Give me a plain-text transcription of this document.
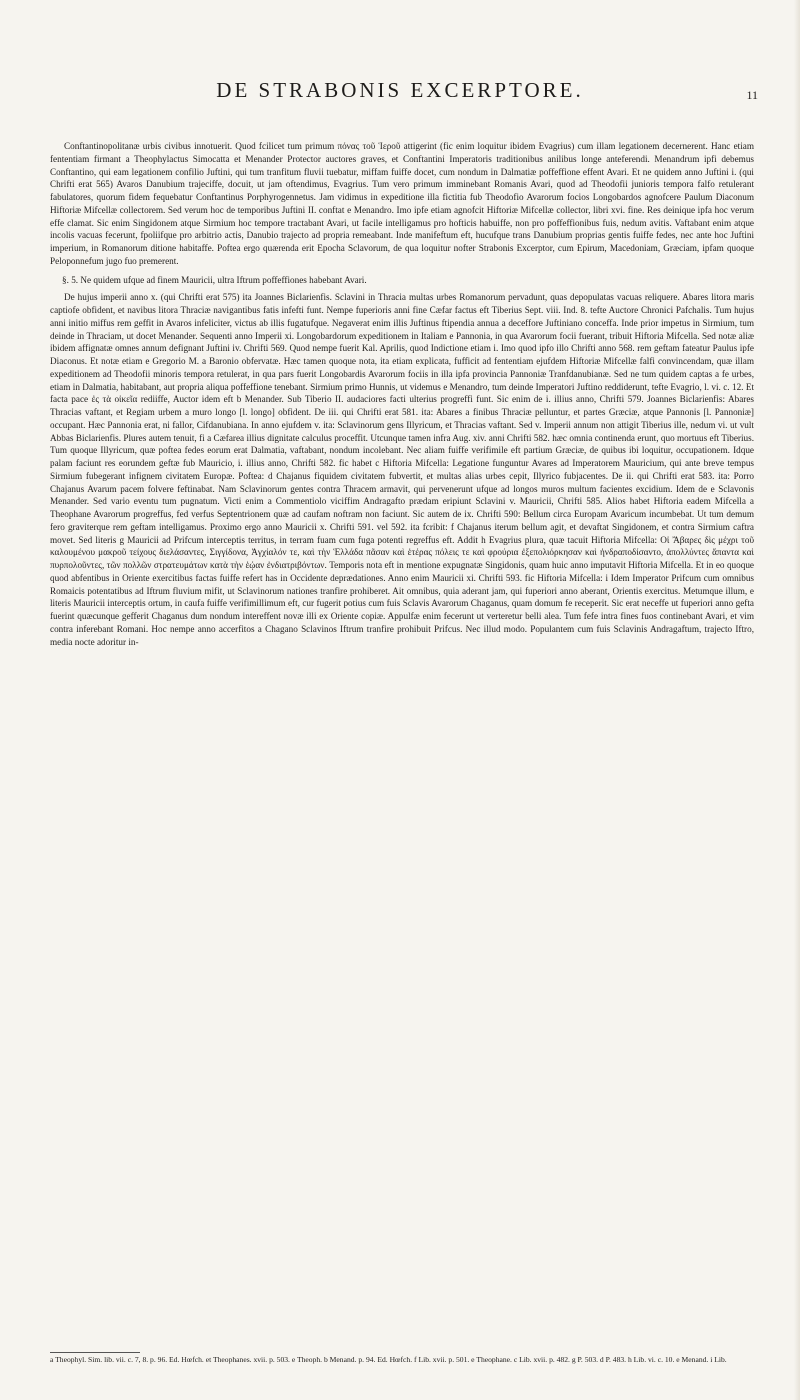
DE STRABONIS EXCERPTORE.	11

Conftantinopolitanæ urbis civibus innotuerit. Quod fcilicet tum primum πόνας τοῦ Ἱεροῦ attigerint (fic enim loquitur ibidem Evagrius) cum illam legationem decernerent. Hanc etiam fententiam firmant a Theophylactus Simocatta et Menander Protector auctores graves, et Conftantini Imperatoris traditionibus anilibus longe anteferendi. Menandrum ipfi debemus Conftantino, qui eam legationem confilio Juftini, qui tum tranfitum fluvii tuebatur, miffam fuiffe docet, cum nondum in Dalmatiæ poffeffione effent Avari. Et ne quidem anno Juftini i. (qui Chrifti erat 565) Avaros Danubium trajeciffe, docuit, ut jam oftendimus, Evagrius. Tum vero primum imminebant Romanis Avari, quod ad Theodofii junioris tempora falfo retulerant fabulatores, quorum fidem fequebatur Conftantinus Porphyrogennetus. Jam vidimus in expeditione illa fictitia fub Theodofio Avarorum focios Longobardos agnofcere Paulum Diaconum Hiftoriæ Mifcellæ collectorem. Sed verum hoc de temporibus Juftini II. conftat e Menandro. Imo ipfe etiam agnofcit Hiftoriæ Mifcellæ collector, libri xvi. fine. Res deinique ipfa hoc verum effe clamat. Sic enim Singidonem atque Sirmium hoc tempore tractabant Avari, ut facile intelligamus pro hofticis habuiffe, non pro poffeffionibus fuis, nedum avitis. Vaftabant enim atque incolis vacuas fecerunt, fpoliifque pro arbitrio actis, Danubio trajecto ad propria remeabant. Inde manifeftum eft, hucufque trans Danubium proprias gentis fuiffe fedes, nec ante hoc Juftini imperium, in Romanorum ditione habitaffe. Poftea ergo quærenda erit Epocha Sclavorum, de qua loquitur nofter Strabonis Excerptor, cum Epirum, Macedoniam, Græciam, ipfam quoque Peloponnefum jugo fuo premerent.

§. 5. Ne quidem ufque ad finem Mauricii, ultra Iftrum poffeffiones habebant Avari.

De hujus imperii anno x. (qui Chrifti erat 575) ita Joannes Biclarienfis. Sclavini in Thracia multas urbes Romanorum pervadunt, quas depopulatas vacuas reliquere. Abares litora maris captiofe obfident, et navibus litora Thraciæ navigantibus fatis infefti funt. Nempe fuperioris anni fine Cæfar factus eft Tiberius Sept. viii. Ind. 8. tefte Auctore Chronici Pafchalis. Tum hujus anni initio miffus rem geffit in Avaros infeliciter, victus ab illis fugatufque. Negaverat enim illis Juftinus ftipendia annua a deceffore Juftiniano conceffa. Inde prior impetus in Sirmium, tum deinde in Thraciam, ut docet Menander. Sequenti anno Imperii xi. Longobardorum expeditionem in Italiam e Pannonia, in qua Avarorum focii fuerant, tribuit Hiftoria Mifcella. Sed notæ aliæ ibidem affignatæ omnes annum defignant Juftini iv. Chrifti 569. Quod nempe fuerit Kal. Aprilis, quod Indictione etiam i. Imo quod ipfo illo Chrifti anno 568. rem geftam fateatur Paulus ipfe Diaconus. Et notæ etiam e Gregorio M. a Baronio obfervatæ. Hæc tamen quoque nota, ita etiam explicata, fufficit ad fententiam ejufdem Hiftoriæ Mifcellæ falfi convincendam, quæ illam expeditionem ad Theodofii minoris tempora retulerat, in qua pars fuerit Longobardis Avarorum fociis in illa ipfa provincia Pannoniæ Tranfdanubianæ. Sed ne tum quidem captas a fe urbes, etiam in Dalmatia, habitabant, aut propria aliqua poffeffione tenebant. Sirmium primo Hunnis, ut videmus e Menandro, tum deinde Imperatori Juftino reddiderunt, tefte Evagrio, l. vi. c. 12. Et facta pace ἐς τὰ οἰκεῖα rediiffe, Auctor idem eft b Menander. Sub Tiberio II. audaciores facti ulterius progreffi funt. Sic enim de i. illius anno, Chrifti 579. Joannes Biclarienfis: Abares Thracias vaftant, et Regiam urbem a muro longo [l. longo] obfident. De iii. qui Chrifti erat 581. ita: Abares a finibus Thraciæ pelluntur, et partes Græciæ, atque Pannonis [l. Pannoniæ] occupant. Hæc Pannonia erat, ni fallor, Cifdanubiana. In anno ejufdem v. ita: Sclavinorum gens Illyricum, et Thracias vaftant. Sed v. Imperii annum non attigit Tiberius ille, nedum vi. ut vult Abbas Biclarienfis. Plures autem tenuit, fi a Cæfarea illius dignitate calculus proceffit. Utcunque tamen infra Aug. xiv. anni Chrifti 582. hæc omnia continenda erunt, quo mortuus eft Tiberius. Tum quoque Illyricum, quæ poftea fedes eorum erat Dalmatia, vaftabant, nondum incolebant. Nec aliam fuiffe verifimile eft partium Græciæ, de quibus ibi loquitur, occupationem. Idque palam faciunt res eorundem geftæ fub Mauricio, i. illius anno, Chrifti 582. fic habet c Hiftoria Mifcella: Legatione funguntur Avares ad Imperatorem Mauricium, qui ante breve tempus Sirmium fubegerant infignem civitatem Europæ. Poftea: d Chajanus fiquidem civitatem fubvertit, et multas alias urbes cepit, Illyrico fubjacentes. De ii. qui Chrifti erat 583. ita: Porro Chajanus Avarum pacem folvere feftinabat. Nam Sclavinorum gentes contra Thracem armavit, qui pervenerunt ufque ad longos muros multum facientes excidium. Idem de e Sclavonis Menander. Sed vario eventu tum pugnatum. Victi enim a Commentiolo viciffim Andragafto prædam eripiunt Sclavini v. Mauricii, Chrifti 585. Alios habet Hiftoria eadem Mifcella a Theophane Avarorum progreffus, fed verfus Septentrionem quæ ad caufam noftram non faciunt. Sic autem de ix. Chrifti 590: Bellum circa Europam Avaricum incumbebat. Ut tum demum fero graviterque rem geftam intelligamus. Proximo ergo anno Mauricii x. Chrifti 591. vel 592. ita fcribit: f Chajanus iterum bellum agit, et devaftat Singidonem, et contra Sirmium caftra movet. Sed literis g Mauricii ad Prifcum interceptis territus, in terram fuam cum fuga potenti regreffus eft. Addit h Evagrius plura, quæ tacuit Hiftoria Mifcella: Οἱ Ἄβαρες δὶς μέχρι τοῦ καλουμένου μακροῦ τείχους διελάσαντες, Σιγγίδονα, Ἀγχίαλόν τε, καὶ τὴν Ἑλλάδα πᾶσαν καὶ ἑτέρας πόλεις τε καὶ φρούρια ἐξεπολιόρκησαν καὶ ἠνδραποδίσαντο, ἀπολλύντες ἅπαντα καὶ πυρπολοῦντες, τῶν πολλῶν στρατευμάτων κατὰ τὴν ἑῴαν ἐνδιατριβόντων. Temporis nota eft in mentione expugnatæ Singidonis, quam huic anno imputavit Hiftoria Mifcella. Et in eo quoque quod abfentibus in Oriente exercitibus factas fuiffe refert has in Occidente deprædationes. Anno enim Mauricii xi. Chrifti 593. fic Hiftoria Mifcella: i Idem Imperator Prifcum cum omnibus Romaicis potentatibus ad Iftrum fluvium mifit, ut Sclavinorum nationes tranfire prohiberet. Ait omnibus, quia aderant jam, qui fuperiori anno aberant, Orientis exercitus. Metumque illum, e literis Mauricii interceptis ortum, in caufa fuiffe verifimillimum eft, cur fugerit potius cum fuis Sclavis Avarorum Chaganus, quam domum fe receperit. Sic erat neceffe ut fuperiori anno gefta fuerint quæcunque gefferit Chaganus dum nondum intereffent novæ illi ex Oriente copiæ. Appulfæ enim fecerunt ut verteretur belli alea. Tum fefe intra fines fuos continebant Avari, et vim contra inferebant Romani. Hoc nempe anno accerfitos a Chagano Sclavinos Iftrum tranfire prohibuit Prifcus. Nec illud modo. Populantem cum fuis Sclavinis Andragaftum, trajecto Iftro, media nocte adoritur in-

a Theophyl. Sim. lib. vii. c. 7, 8. p. 96. Ed. Hœfch. et Theophanes. xvii. p. 503. e Theoph. b Menand. p. 94. Ed. Hœfch. f Lib. xvii. p. 501. e Theophane. c Lib. xvii. p. 482. g P. 503. d P. 483. h Lib. vi. c. 10. e Menand. i Lib.
